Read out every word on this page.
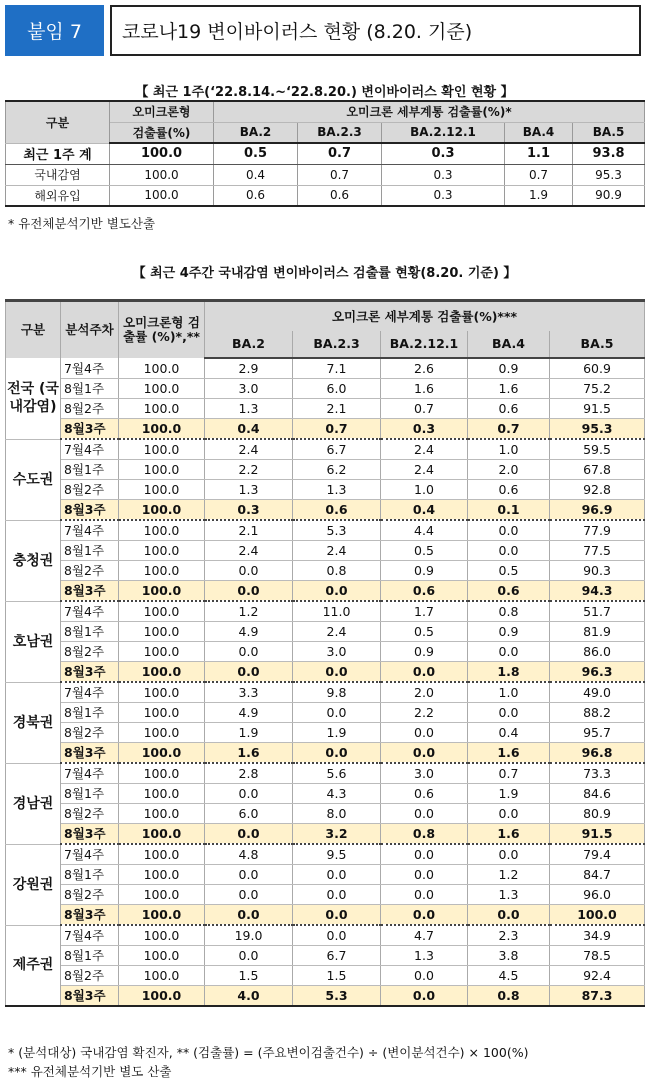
붙임 7	코로나19 변이바이러스 현황 (8.20. 기준)
【 최근 1주(‘22.8.14.~‘22.8.20.) 변이바이러스 확인 현황 】
구분	오미크론형	오미크론 세부계통 검출률(%)*				
	검출률(%)	BA.2	BA.2.3	BA.2.12.1	BA.4	BA.5
최근 1주 계	100.0	0.5	0.7	0.3	1.1	93.8
국내감염	100.0	0.4	0.7	0.3	0.7	95.3
해외유입	100.0	0.6	0.6	0.3	1.9	90.9
* 유전체분석기반 별도산출
【 최근 4주간 국내감염 변이바이러스 검출률 현황(8.20. 기준) 】
구분	분석주차	오미크론형 검출률 (%)*,**	오미크론 세부계통 검출률(%)***				
			BA.2	BA.2.3	BA.2.12.1	BA.4	BA.5
전국 (국내감염)	7월4주	100.0	2.9	7.1	2.6	0.9	60.9
	8월1주	100.0	3.0	6.0	1.6	1.6	75.2
	8월2주	100.0	1.3	2.1	0.7	0.6	91.5
	8월3주	100.0	0.4	0.7	0.3	0.7	95.3
수도권	7월4주	100.0	2.4	6.7	2.4	1.0	59.5
	8월1주	100.0	2.2	6.2	2.4	2.0	67.8
	8월2주	100.0	1.3	1.3	1.0	0.6	92.8
	8월3주	100.0	0.3	0.6	0.4	0.1	96.9
충청권	7월4주	100.0	2.1	5.3	4.4	0.0	77.9
	8월1주	100.0	2.4	2.4	0.5	0.0	77.5
	8월2주	100.0	0.0	0.8	0.9	0.5	90.3
	8월3주	100.0	0.0	0.0	0.6	0.6	94.3
호남권	7월4주	100.0	1.2	11.0	1.7	0.8	51.7
	8월1주	100.0	4.9	2.4	0.5	0.9	81.9
	8월2주	100.0	0.0	3.0	0.9	0.0	86.0
	8월3주	100.0	0.0	0.0	0.0	1.8	96.3
경북권	7월4주	100.0	3.3	9.8	2.0	1.0	49.0
	8월1주	100.0	4.9	0.0	2.2	0.0	88.2
	8월2주	100.0	1.9	1.9	0.0	0.4	95.7
	8월3주	100.0	1.6	0.0	0.0	1.6	96.8
경남권	7월4주	100.0	2.8	5.6	3.0	0.7	73.3
	8월1주	100.0	0.0	4.3	0.6	1.9	84.6
	8월2주	100.0	6.0	8.0	0.0	0.0	80.9
	8월3주	100.0	0.0	3.2	0.8	1.6	91.5
강원권	7월4주	100.0	4.8	9.5	0.0	0.0	79.4
	8월1주	100.0	0.0	0.0	0.0	1.2	84.7
	8월2주	100.0	0.0	0.0	0.0	1.3	96.0
	8월3주	100.0	0.0	0.0	0.0	0.0	100.0
제주권	7월4주	100.0	19.0	0.0	4.7	2.3	34.9
	8월1주	100.0	0.0	6.7	1.3	3.8	78.5
	8월2주	100.0	1.5	1.5	0.0	4.5	92.4
	8월3주	100.0	4.0	5.3	0.0	0.8	87.3
* (분석대상) 국내감염 확진자, ** (검출률) = (주요변이검출건수) ÷ (변이분석건수) × 100(%)
*** 유전체분석기반 별도 산출
